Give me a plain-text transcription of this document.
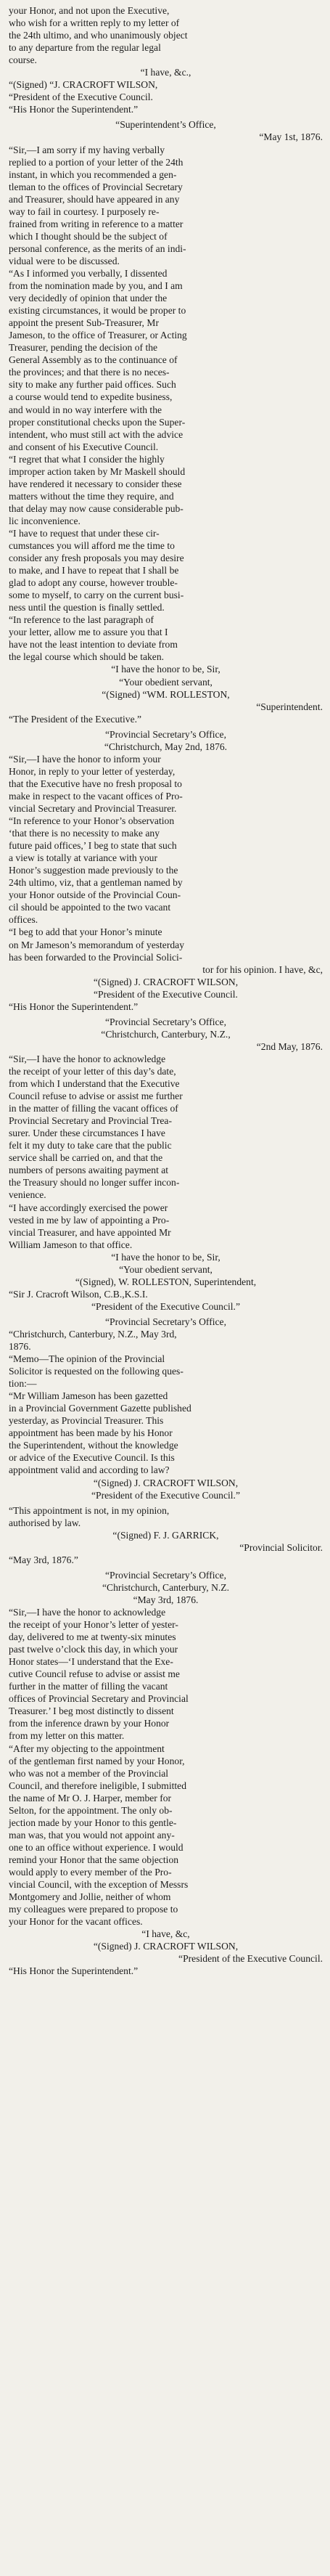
your Honor, and not upon the Executive,

who wish for a written reply to my letter of

the 24th ultimo, and who unanimously object

to any departure from the regular legal

course.

“I have, &c.,

“(Signed) “J. CRACROFT WILSON,

“President of the Executive Council.

“His Honor the Superintendent.”

“Superintendent’s Office,

“May 1st, 1876.

“Sir,—I am sorry if my having verbally

replied to a portion of your letter of the 24th

instant, in which you recommended a gen-

tleman to the offices of Provincial Secretary

and Treasurer, should have appeared in any

way to fail in courtesy. I purposely re-

frained from writing in reference to a matter

which I thought should be the subject of

personal conference, as the merits of an indi-

vidual were to be discussed.

“As I informed you verbally, I dissented

from the nomination made by you, and I am

very decidedly of opinion that under the

existing circumstances, it would be proper to

appoint the present Sub-Treasurer, Mr

Jameson, to the office of Treasurer, or Acting

Treasurer, pending the decision of the

General Assembly as to the continuance of

the provinces; and that there is no neces-

sity to make any further paid offices. Such

a course would tend to expedite business,

and would in no way interfere with the

proper constitutional checks upon the Super-

intendent, who must still act with the advice

and consent of his Executive Council.

“I regret that what I consider the highly

improper action taken by Mr Maskell should

have rendered it necessary to consider these

matters without the time they require, and

that delay may now cause considerable pub-

lic inconvenience.

“I have to request that under these cir-

cumstances you will afford me the time to

consider any fresh proposals you may desire

to make, and I have to repeat that I shall be

glad to adopt any course, however trouble-

some to myself, to carry on the current busi-

ness until the question is finally settled.

“In reference to the last paragraph of

your letter, allow me to assure you that I

have not the least intention to deviate from

the legal course which should be taken.

“I have the honor to be, Sir,

“Your obedient servant,

“(Signed) “WM. ROLLESTON,

“Superintendent.

“The President of the Executive.”

“Provincial Secretary’s Office,

“Christchurch, May 2nd, 1876.

“Sir,—I have the honor to inform your

Honor, in reply to your letter of yesterday,

that the Executive have no fresh proposal to

make in respect to the vacant offices of Pro-

vincial Secretary and Provincial Treasurer.

“In reference to your Honor’s observation

‘that there is no necessity to make any

future paid offices,’ I beg to state that such

a view is totally at variance with your

Honor’s suggestion made previously to the

24th ultimo, viz, that a gentleman named by

your Honor outside of the Provincial Coun-

cil should be appointed to the two vacant

offices.

“I beg to add that your Honor’s minute

on Mr Jameson’s memorandum of yesterday

has been forwarded to the Provincial Solici-

tor for his opinion. I have, &c,

“(Signed) J. CRACROFT WILSON,

“President of the Executive Council.

“His Honor the Superintendent.”

“Provincial Secretary’s Office,

“Christchurch, Canterbury, N.Z.,

“2nd May, 1876.

“Sir,—I have the honor to acknowledge

the receipt of your letter of this day’s date,

from which I understand that the Executive

Council refuse to advise or assist me further

in the matter of filling the vacant offices of

Provincial Secretary and Provincial Trea-

surer. Under these circumstances I have

felt it my duty to take care that the public

service shall be carried on, and that the

numbers of persons awaiting payment at

the Treasury should no longer suffer incon-

venience.

“I have accordingly exercised the power

vested in me by law of appointing a Pro-

vincial Treasurer, and have appointed Mr

William Jameson to that office.

“I have the honor to be, Sir,

“Your obedient servant,

“(Signed), W. ROLLESTON, Superintendent,

“Sir J. Cracroft Wilson, C.B.,K.S.I.

“President of the Executive Council.”

“Provincial Secretary’s Office,

“Christchurch, Canterbury, N.Z., May 3rd,

1876.

“Memo—The opinion of the Provincial

Solicitor is requested on the following ques-

tion:—

“Mr William Jameson has been gazetted

in a Provincial Government Gazette published

yesterday, as Provincial Treasurer. This

appointment has been made by his Honor

the Superintendent, without the knowledge

or advice of the Executive Council. Is this

appointment valid and according to law?

“(Signed) J. CRACROFT WILSON,

“President of the Executive Council.”

“This appointment is not, in my opinion,

authorised by law.

“(Signed) F. J. GARRICK,

“Provincial Solicitor.

“May 3rd, 1876.”

“Provincial Secretary’s Office,

“Christchurch, Canterbury, N.Z.

“May 3rd, 1876.

“Sir,—I have the honor to acknowledge

the receipt of your Honor’s letter of yester-

day, delivered to me at twenty-six minutes

past twelve o’clock this day, in which your

Honor states—‘I understand that the Exe-

cutive Council refuse to advise or assist me

further in the matter of filling the vacant

offices of Provincial Secretary and Provincial

Treasurer.’ I beg most distinctly to dissent

from the inference drawn by your Honor

from my letter on this matter.

“After my objecting to the appointment

of the gentleman first named by your Honor,

who was not a member of the Provincial

Council, and therefore ineligible, I submitted

the name of Mr O. J. Harper, member for

Selton, for the appointment. The only ob-

jection made by your Honor to this gentle-

man was, that you would not appoint any-

one to an office without experience. I would

remind your Honor that the same objection

would apply to every member of the Pro-

vincial Council, with the exception of Messrs

Montgomery and Jollie, neither of whom

my colleagues were prepared to propose to

your Honor for the vacant offices.

“I have, &c,

“(Signed) J. CRACROFT WILSON,

“President of the Executive Council.

“His Honor the Superintendent.”
